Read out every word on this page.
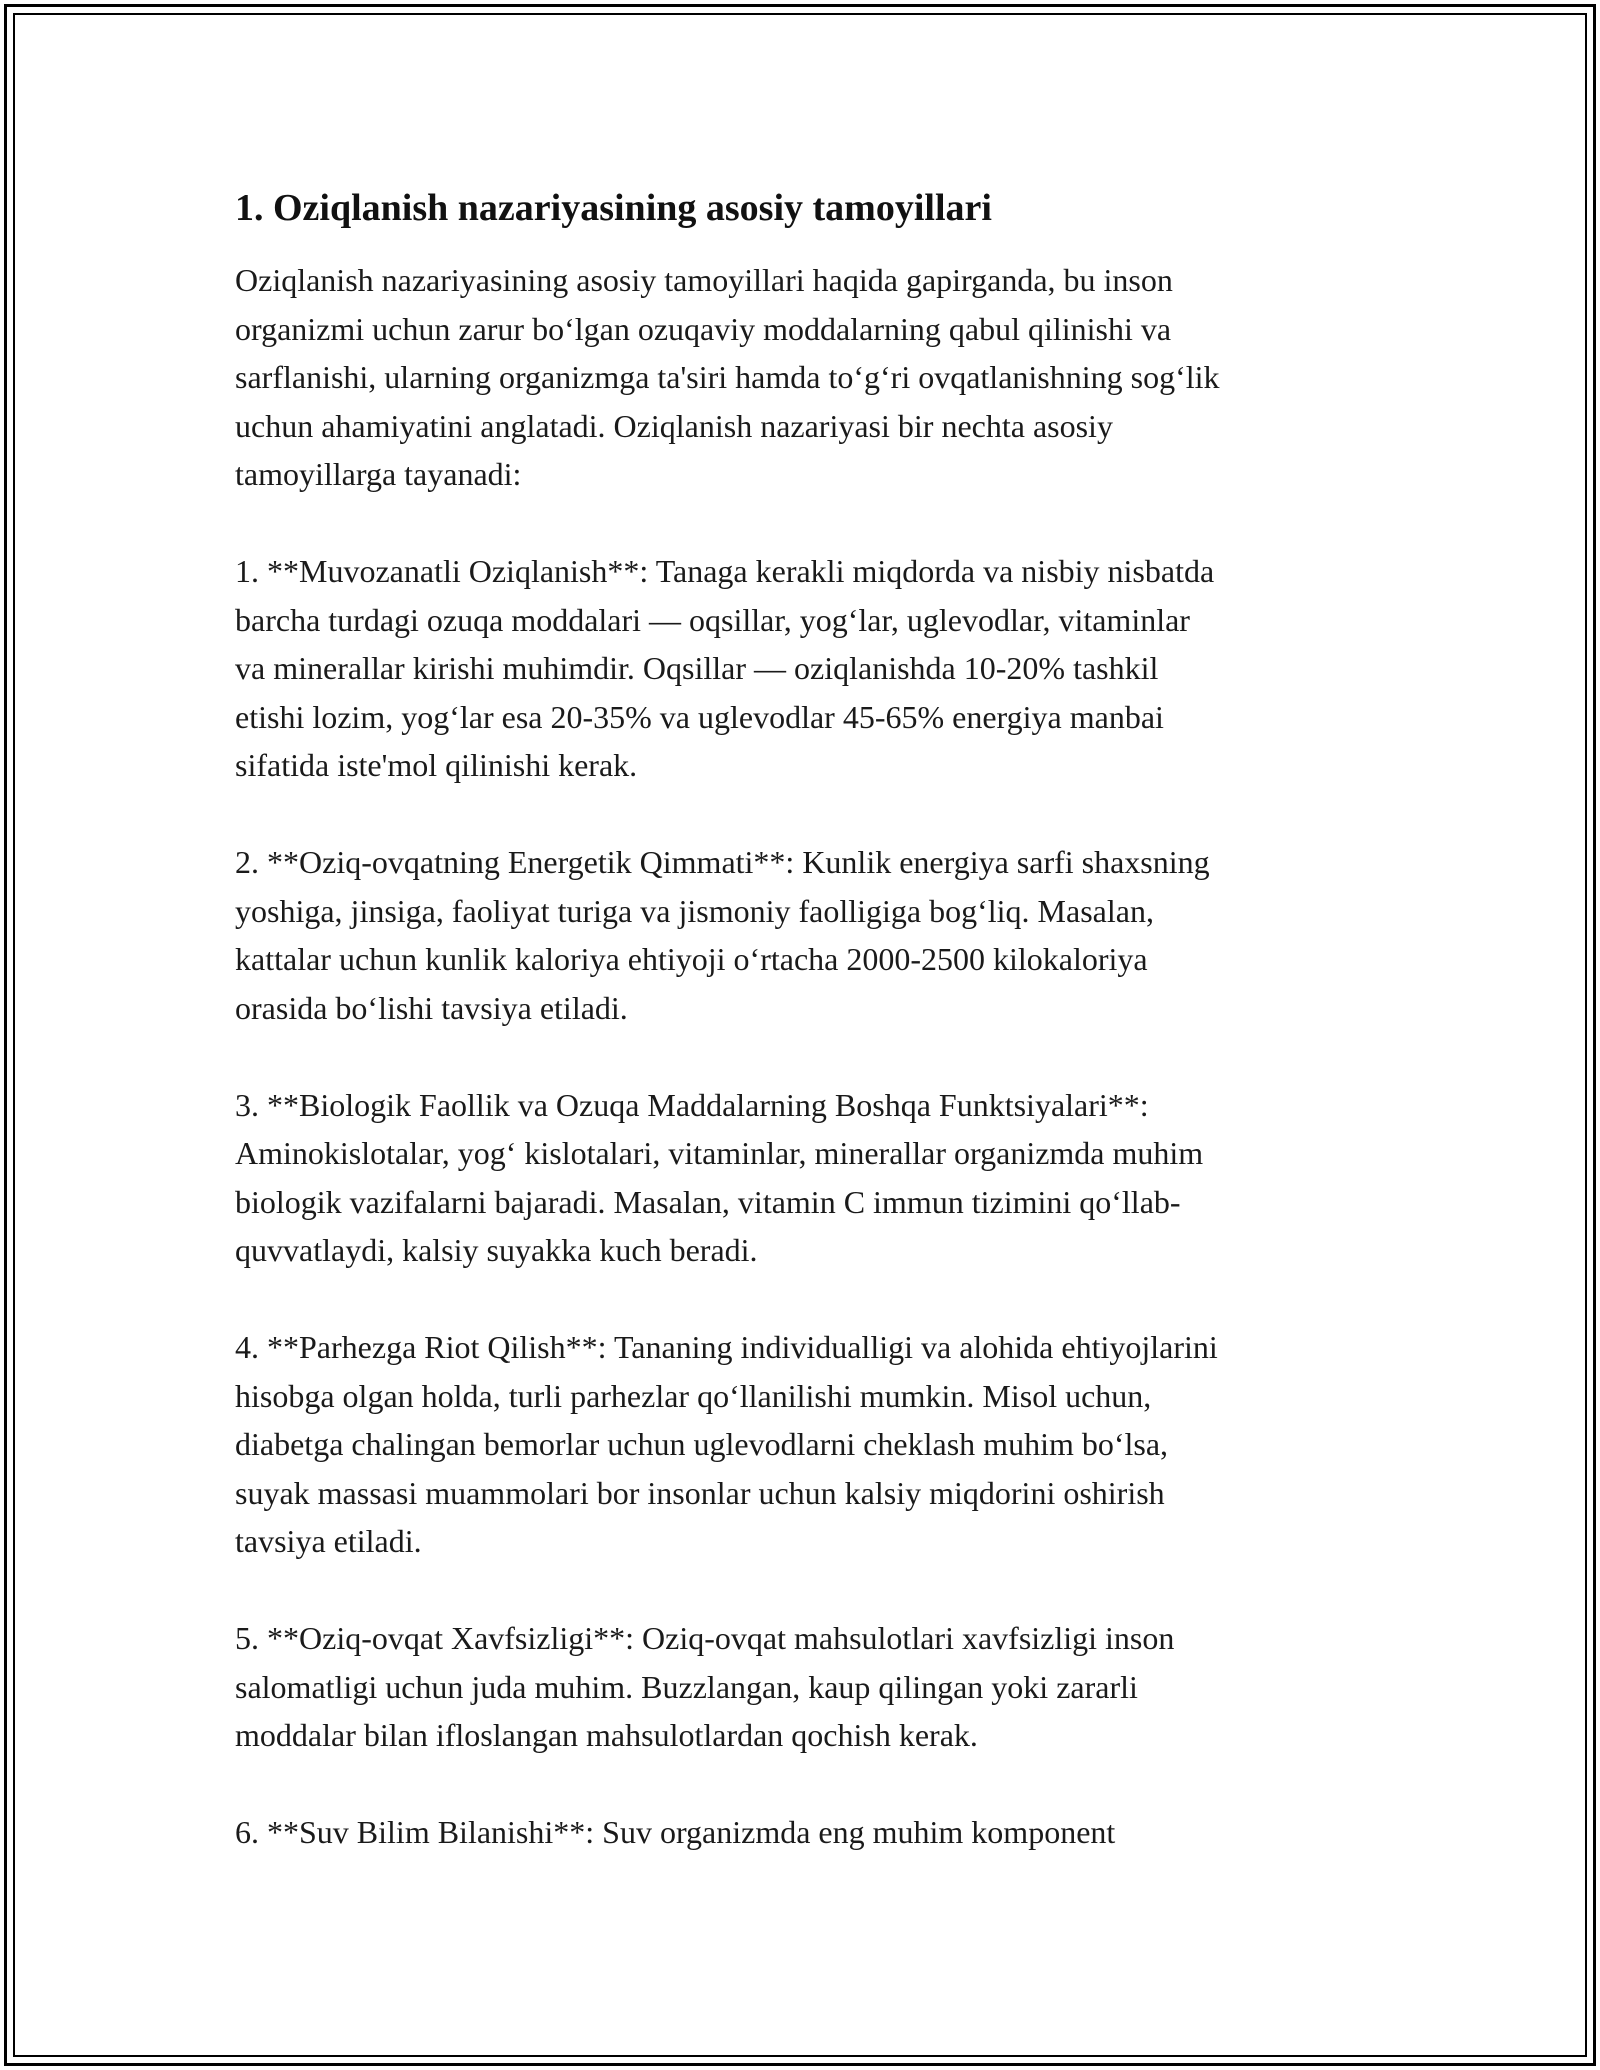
1. Oziqlanish nazariyasining asosiy tamoyillari

Oziqlanish nazariyasining asosiy tamoyillari haqida gapirganda, bu inson
organizmi uchun zarur bo‘lgan ozuqaviy moddalarning qabul qilinishi va
sarflanishi, ularning organizmga ta'siri hamda to‘g‘ri ovqatlanishning sog‘lik
uchun ahamiyatini anglatadi. Oziqlanish nazariyasi bir nechta asosiy
tamoyillarga tayanadi:

1. **Muvozanatli Oziqlanish**: Tanaga kerakli miqdorda va nisbiy nisbatda
barcha turdagi ozuqa moddalari — oqsillar, yog‘lar, uglevodlar, vitaminlar
va minerallar kirishi muhimdir. Oqsillar — oziqlanishda 10-20% tashkil
etishi lozim, yog‘lar esa 20-35% va uglevodlar 45-65% energiya manbai
sifatida iste'mol qilinishi kerak.

2. **Oziq-ovqatning Energetik Qimmati**: Kunlik energiya sarfi shaxsning
yoshiga, jinsiga, faoliyat turiga va jismoniy faolligiga bog‘liq. Masalan,
kattalar uchun kunlik kaloriya ehtiyoji o‘rtacha 2000-2500 kilokaloriya
orasida bo‘lishi tavsiya etiladi.

3. **Biologik Faollik va Ozuqa Maddalarning Boshqa Funktsiyalari**:
Aminokislotalar, yog‘ kislotalari, vitaminlar, minerallar organizmda muhim
biologik vazifalarni bajaradi. Masalan, vitamin C immun tizimini qo‘llab-
quvvatlaydi, kalsiy suyakka kuch beradi.

4. **Parhezga Riot Qilish**: Tananing individualligi va alohida ehtiyojlarini
hisobga olgan holda, turli parhezlar qo‘llanilishi mumkin. Misol uchun,
diabetga chalingan bemorlar uchun uglevodlarni cheklash muhim bo‘lsa,
suyak massasi muammolari bor insonlar uchun kalsiy miqdorini oshirish
tavsiya etiladi.

5. **Oziq-ovqat Xavfsizligi**: Oziq-ovqat mahsulotlari xavfsizligi inson
salomatligi uchun juda muhim. Buzzlangan, kaup qilingan yoki zararli
moddalar bilan ifloslangan mahsulotlardan qochish kerak.

6. **Suv Bilim Bilanishi**: Suv organizmda eng muhim komponent
